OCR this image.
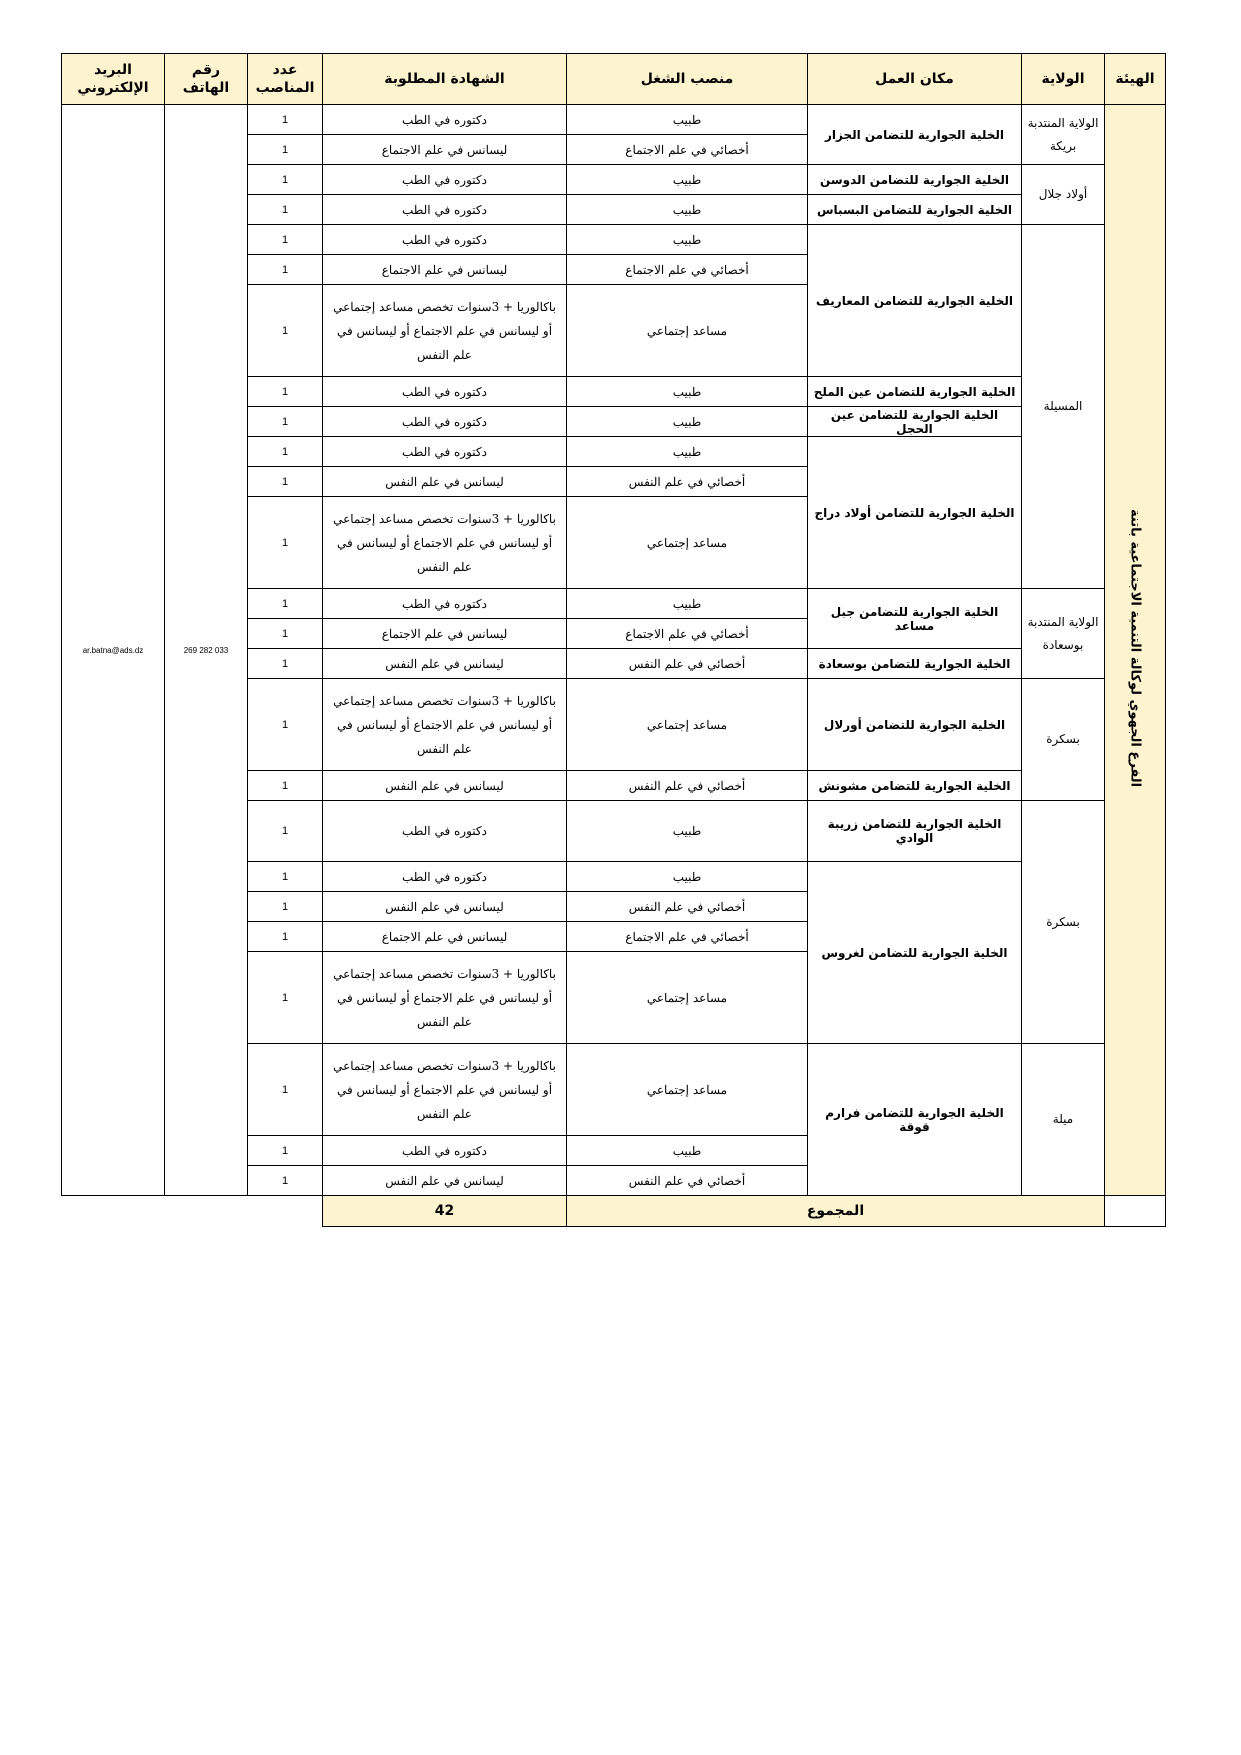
الهيئة	الولاية	مكان العمل	منصب الشغل	الشهادة المطلوبة	عدد المناصب	رقم الهاتف	البريد الإلكتروني
الفرع الجهوي لوكالة التنمية الاجتماعية باتنة	الولاية المنتدبة بريكة	الخلية الجوارية للتضامن الجزار	طبيب	دكتوره في الطب	1	033 282 269	ar.batna@ads.dz
			أخصائي في علم الاجتماع	ليسانس في علم الاجتماع	1		
	أولاد جلال	الخلية الجوارية للتضامن الدوسن	طبيب	دكتوره في الطب	1		
		الخلية الجوارية للتضامن البسباس	طبيب	دكتوره في الطب	1		
	المسيلة	الخلية الجوارية للتضامن المعاريف	طبيب	دكتوره في الطب	1		
			أخصائي في علم الاجتماع	ليسانس في علم الاجتماع	1		
			مساعد إجتماعي	باكالوريا + 3سنوات تخصص مساعد إجتماعي أو ليسانس في علم الاجتماع أو ليسانس في علم النفس	1		
		الخلية الجوارية للتضامن عين الملح	طبيب	دكتوره في الطب	1		
		الخلية الجوارية للتضامن عين الحجل	طبيب	دكتوره في الطب	1		
		الخلية الجوارية للتضامن أولاد دراج	طبيب	دكتوره في الطب	1		
			أخصائي في علم النفس	ليسانس في علم النفس	1		
			مساعد إجتماعي	باكالوريا + 3سنوات تخصص مساعد إجتماعي أو ليسانس في علم الاجتماع أو ليسانس في علم النفس	1		
	الولاية المنتدبة بوسعادة	الخلية الجوارية للتضامن جبل مساعد	طبيب	دكتوره في الطب	1		
			أخصائي في علم الاجتماع	ليسانس في علم الاجتماع	1		
		الخلية الجوارية للتضامن بوسعادة	أخصائي في علم النفس	ليسانس في علم النفس	1		
	بسكرة	الخلية الجوارية للتضامن أورلال	مساعد إجتماعي	باكالوريا + 3سنوات تخصص مساعد إجتماعي أو ليسانس في علم الاجتماع أو ليسانس في علم النفس	1		
		الخلية الجوارية للتضامن مشونش	أخصائي في علم النفس	ليسانس في علم النفس	1		
	بسكرة	الخلية الجوارية للتضامن زريبة الوادي	طبيب	دكتوره في الطب	1		
		الخلية الجوارية للتضامن لغروس	طبيب	دكتوره في الطب	1		
			أخصائي في علم النفس	ليسانس في علم النفس	1		
			أخصائي في علم الاجتماع	ليسانس في علم الاجتماع	1		
			مساعد إجتماعي	باكالوريا + 3سنوات تخصص مساعد إجتماعي أو ليسانس في علم الاجتماع أو ليسانس في علم النفس	1		
	ميلة	الخلية الجوارية للتضامن فرارم قوقة	مساعد إجتماعي	باكالوريا + 3سنوات تخصص مساعد إجتماعي أو ليسانس في علم الاجتماع أو ليسانس في علم النفس	1		
			طبيب	دكتوره في الطب	1		
			أخصائي في علم النفس	ليسانس في علم النفس	1		
	المجموع			42			
